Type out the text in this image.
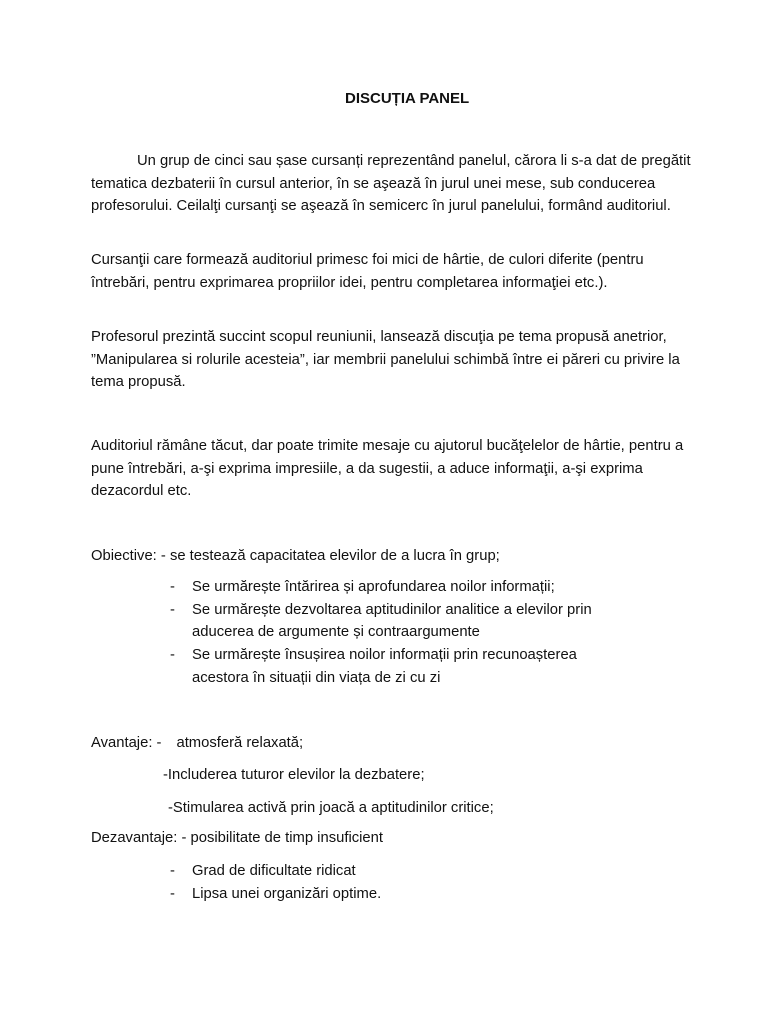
DISCUȚIA PANEL

Un grup de cinci sau șase cursanți reprezentând panelul, cărora li s-a dat de pregătit tematica dezbaterii în cursul anterior, în se aşează în jurul unei mese, sub conducerea profesorului. Ceilalţi cursanţi se aşează în semicerc în jurul panelului, formând auditoriul.

Cursanţii care formează auditoriul primesc foi mici de hârtie, de culori diferite (pentru întrebări, pentru exprimarea propriilor idei, pentru completarea informaţiei etc.).

Profesorul prezintă succint scopul reuniunii, lansează discuţia pe tema propusă anetrior, ”Manipularea si rolurile acesteia”, iar membrii panelului schimbă între ei păreri cu privire la tema propusă.

Auditoriul rămâne tăcut, dar poate trimite mesaje cu ajutorul bucăţelelor de hârtie, pentru a pune întrebări, a-şi exprima impresiile, a da sugestii, a aduce informaţii, a-şi exprima dezacordul etc.

Obiective: - se testează capacitatea elevilor de a lucra în grup;
- Se urmărește întărirea și aprofundarea noilor informații;
- Se urmărește dezvoltarea aptitudinilor analitice a elevilor prin
aducerea de argumente și contraargumente
- Se urmărește însușirea noilor informații prin recunoașterea
acestora în situații din viața de zi cu zi
Avantaje: - atmosferă relaxată;
-Includerea tuturor elevilor la dezbatere;
-Stimularea activă prin joacă a aptitudinilor critice;
Dezavantaje: - posibilitate de timp insuficient
- Grad de dificultate ridicat
- Lipsa unei organizări optime.
